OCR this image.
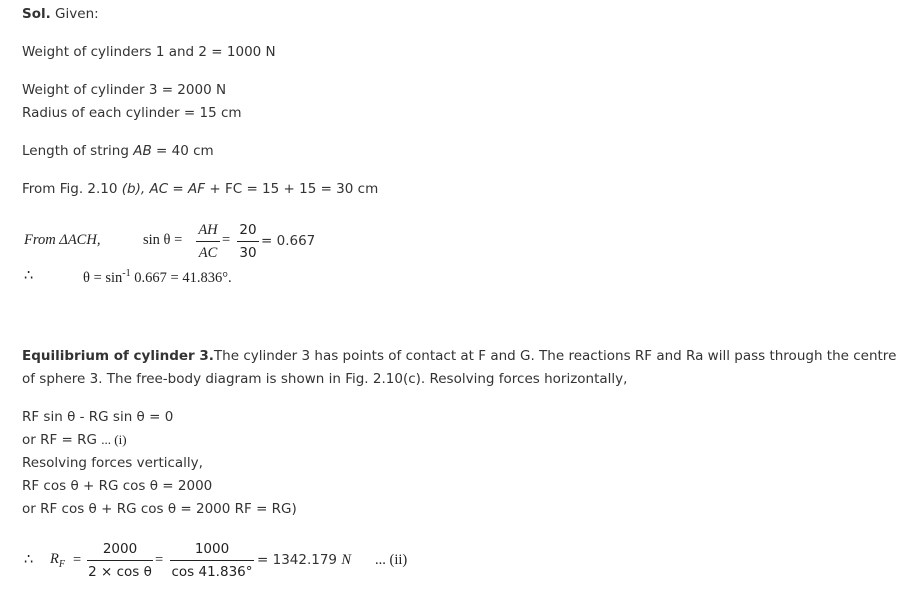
Sol. Given:
Weight of cylinders 1 and 2 = 1000 N
Weight of cylinder 3 = 2000 N
Radius of each cylinder = 15 cm
Length of string AB = 40 cm
From Fig. 2.10 (b), AC = AF + FC = 15 + 15 = 30 cm
From ΔACH,	sin θ =
AH
AC
=
20
30
= 0.667
∴	$\theta = \sin^{-1} 0.667 = 41.836^\circ$.
Equilibrium of cylinder 3.The cylinder 3 has points of contact at F and G. The reactions RF and Ra will pass through the centre of sphere 3. The free-body diagram is shown in Fig. 2.10(c). Resolving forces horizontally,
RF sin θ - RG sin θ = 0
or RF = RG ... (i)
Resolving forces vertically,
RF cos θ + RG cos θ = 2000
or RF cos θ + RG cos θ = 2000 RF = RG)
∴ $R_F$ =
2000
2 × cos θ
=
1000
cos 41.836°
= 1342.179 N ... (ii)
